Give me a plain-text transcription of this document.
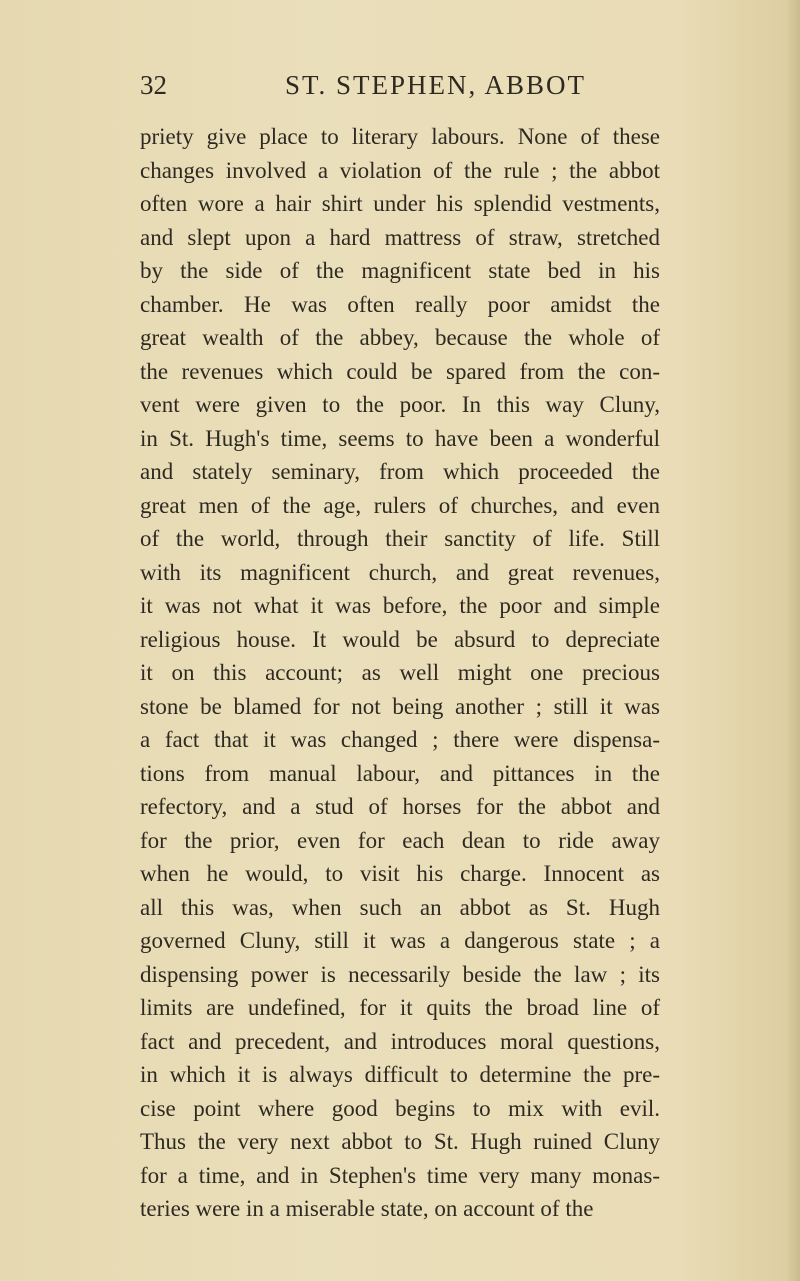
32	ST. STEPHEN, ABBOT
priety give place to literary labours. None of these
changes involved a violation of the rule ; the abbot
often wore a hair shirt under his splendid vestments,
and slept upon a hard mattress of straw, stretched
by the side of the magnificent state bed in his
chamber. He was often really poor amidst the
great wealth of the abbey, because the whole of
the revenues which could be spared from the con-
vent were given to the poor. In this way Cluny,
in St. Hugh's time, seems to have been a wonderful
and stately seminary, from which proceeded the
great men of the age, rulers of churches, and even
of the world, through their sanctity of life. Still
with its magnificent church, and great revenues,
it was not what it was before, the poor and simple
religious house. It would be absurd to depreciate
it on this account; as well might one precious
stone be blamed for not being another ; still it was
a fact that it was changed ; there were dispensa-
tions from manual labour, and pittances in the
refectory, and a stud of horses for the abbot and
for the prior, even for each dean to ride away
when he would, to visit his charge. Innocent as
all this was, when such an abbot as St. Hugh
governed Cluny, still it was a dangerous state ; a
dispensing power is necessarily beside the law ; its
limits are undefined, for it quits the broad line of
fact and precedent, and introduces moral questions,
in which it is always difficult to determine the pre-
cise point where good begins to mix with evil.
Thus the very next abbot to St. Hugh ruined Cluny
for a time, and in Stephen's time very many monas-
teries were in a miserable state, on account of the
